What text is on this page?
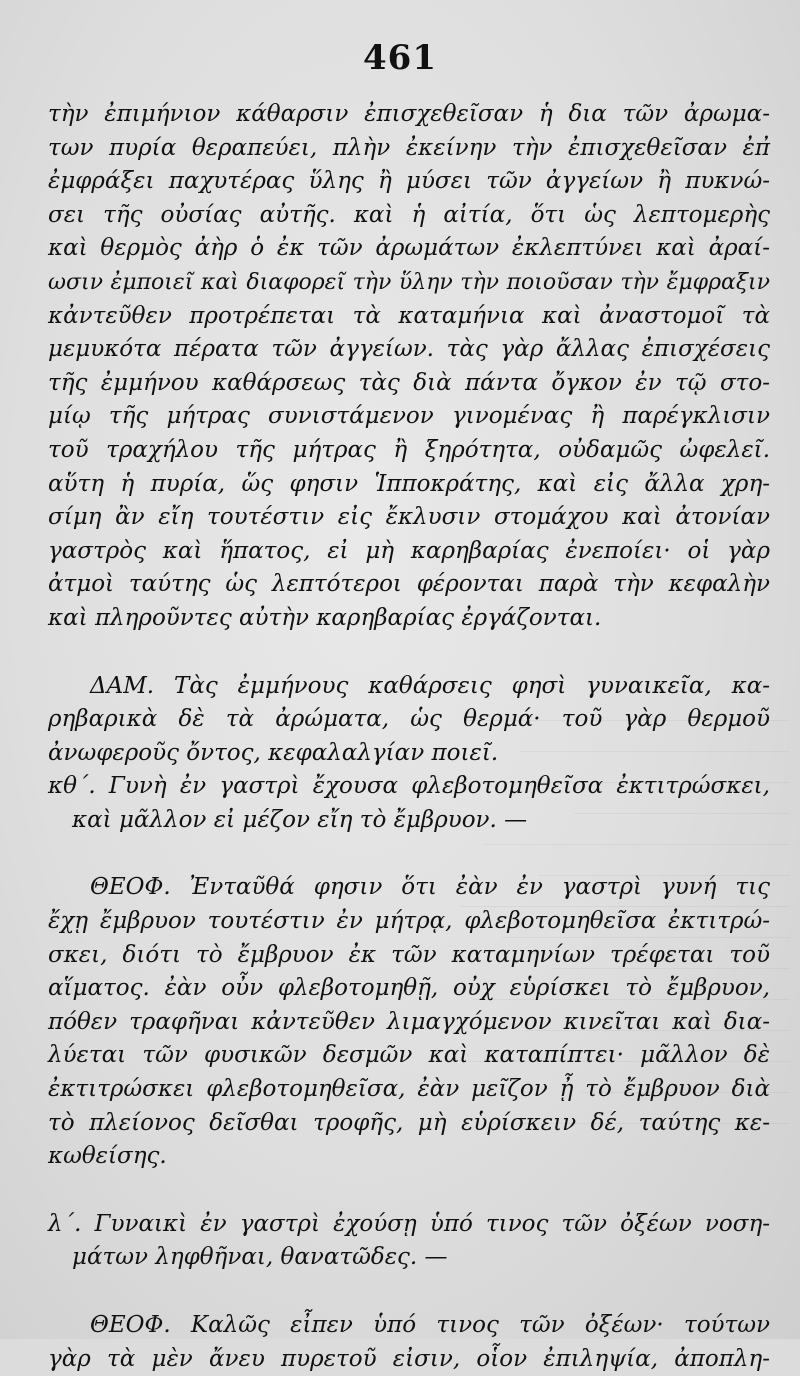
461
τὴν ἐπιμήνιον κάθαρσιν ἐπισχεθεῖσαν ἡ δια τῶν ἀρωμα-
των πυρία θεραπεύει, πλὴν ἐκείνην τὴν ἐπισχεθεῖσαν ἐπ̓
ἐμφράξει παχυτέρας ὕλης ἢ μύσει τῶν ἀγγείων ἢ πυκνώ-
σει τῆς οὐσίας αὐτῆς. καὶ ἡ αἰτία, ὅτι ὡς λεπτομερὴς
καὶ θερμὸς ἀὴρ ὁ ἐκ τῶν ἀρωμάτων ἐκλεπτύνει καὶ ἀραί-
ωσιν ἐμποιεῖ καὶ διαφορεῖ τὴν ὕλην τὴν ποιοῦσαν τὴν ἔμφραξιν
κἀντεῦθεν προτρέπεται τὰ καταμήνια καὶ ἀναστομοῖ τὰ
μεμυκότα πέρατα τῶν ἀγγείων. τὰς γὰρ ἄλλας ἐπισχέσεις
τῆς ἐμμήνου καθάρσεως τὰς διὰ πάντα ὄγκον ἐν τῷ στο-
μίῳ τῆς μήτρας συνιστάμενον γινομένας ἢ παρέγκλισιν
τοῦ τραχήλου τῆς μήτρας ἢ ξηρότητα, οὐδαμῶς ὠφελεῖ.
αὕτη ἡ πυρία, ὥς φησιν Ἱπποκράτης, καὶ εἰς ἄλλα χρη-
σίμη ἂν εἴη τουτέστιν εἰς ἔκλυσιν στομάχου καὶ ἀτονίαν
γαστρὸς καὶ ἥπατος, εἰ μὴ καρηβαρίας ἐνεποίει· οἱ γὰρ
ἀτμοὶ ταύτης ὡς λεπτότεροι φέρονται παρὰ τὴν κεφαλὴν
καὶ πληροῦντες αὐτὴν καρηβαρίας ἐργάζονται.
ΔΑΜ. Τὰς ἐμμήνους καθάρσεις φησὶ γυναικεῖα, κα-
ρηβαρικὰ δὲ τὰ ἀρώματα, ὡς θερμά· τοῦ γὰρ θερμοῦ
ἀνωφεροῦς ὄντος, κεφαλαλγίαν ποιεῖ.
κθ΄. Γυνὴ ἐν γαστρὶ ἔχουσα φλεβοτομηθεῖσα ἐκτιτρώσκει,
καὶ μᾶλλον εἰ μέζον εἴη τὸ ἔμβρυον. —
ΘΕΟΦ. Ἐνταῦθά φησιν ὅτι ἐὰν ἐν γαστρὶ γυνή τις
ἔχῃ ἔμβρυον τουτέστιν ἐν μήτρᾳ, φλεβοτομηθεῖσα ἐκτιτρώ-
σκει, διότι τὸ ἔμβρυον ἐκ τῶν καταμηνίων τρέφεται τοῦ
αἵματος. ἐὰν οὖν φλεβοτομηθῇ, οὐχ εὑρίσκει τὸ ἔμβρυον,
πόθεν τραφῆναι κἀντεῦθεν λιμαγχόμενον κινεῖται καὶ δια-
λύεται τῶν φυσικῶν δεσμῶν καὶ καταπίπτει· μᾶλλον δὲ
ἐκτιτρώσκει φλεβοτομηθεῖσα, ἐὰν μεῖζον ᾖ τὸ ἔμβρυον διὰ
τὸ πλείονος δεῖσθαι τροφῆς, μὴ εὑρίσκειν δέ, ταύτης κε-
κωθείσης.
λ΄. Γυναικὶ ἐν γαστρὶ ἐχούσῃ ὑπό τινος τῶν ὀξέων νοση-
μάτων ληφθῆναι, θανατῶδες. —
ΘΕΟΦ. Καλῶς εἶπεν ὑπό τινος τῶν ὀξέων· τούτων
γὰρ τὰ μὲν ἄνευ πυρετοῦ εἰσιν, οἷον ἐπιληψία, ἀποπλη-
